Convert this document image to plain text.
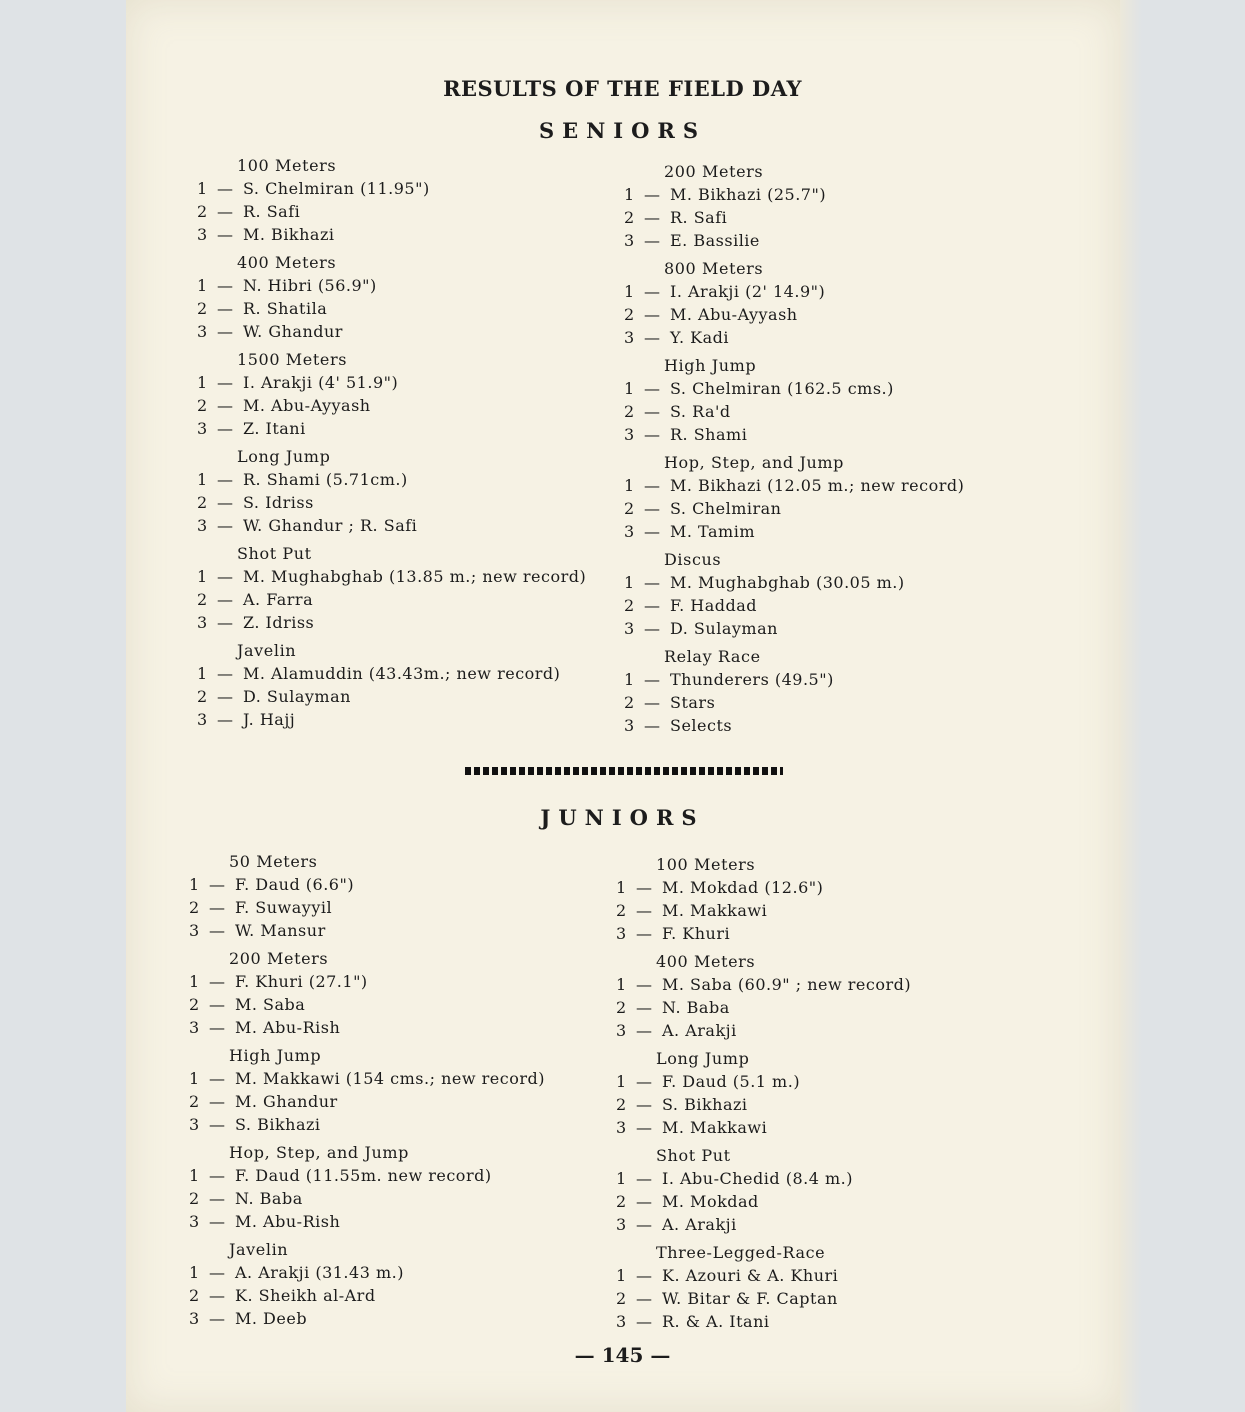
RESULTS OF THE FIELD DAY
SENIORS
100 Meters
1 — S. Chelmiran (11.95")
2 — R. Safi
3 — M. Bikhazi
400 Meters
1 — N. Hibri (56.9")
2 — R. Shatila
3 — W. Ghandur
1500 Meters
1 — I. Arakji (4' 51.9")
2 — M. Abu-Ayyash
3 — Z. Itani
Long Jump
1 — R. Shami (5.71cm.)
2 — S. Idriss
3 — W. Ghandur ; R. Safi
Shot Put
1 — M. Mughabghab (13.85 m.; new record)
2 — A. Farra
3 — Z. Idriss
Javelin
1 — M. Alamuddin (43.43m.; new record)
2 — D. Sulayman
3 — J. Hajj
200 Meters
1 — M. Bikhazi (25.7")
2 — R. Safi
3 — E. Bassilie
800 Meters
1 — I. Arakji (2' 14.9")
2 — M. Abu-Ayyash
3 — Y. Kadi
High Jump
1 — S. Chelmiran (162.5 cms.)
2 — S. Ra'd
3 — R. Shami
Hop, Step, and Jump
1 — M. Bikhazi (12.05 m.; new record)
2 — S. Chelmiran
3 — M. Tamim
Discus
1 — M. Mughabghab (30.05 m.)
2 — F. Haddad
3 — D. Sulayman
Relay Race
1 — Thunderers (49.5")
2 — Stars
3 — Selects
JUNIORS
50 Meters
1 — F. Daud (6.6")
2 — F. Suwayyil
3 — W. Mansur
200 Meters
1 — F. Khuri (27.1")
2 — M. Saba
3 — M. Abu-Rish
High Jump
1 — M. Makkawi (154 cms.; new record)
2 — M. Ghandur
3 — S. Bikhazi
Hop, Step, and Jump
1 — F. Daud (11.55m. new record)
2 — N. Baba
3 — M. Abu-Rish
Javelin
1 — A. Arakji (31.43 m.)
2 — K. Sheikh al-Ard
3 — M. Deeb
100 Meters
1 — M. Mokdad (12.6")
2 — M. Makkawi
3 — F. Khuri
400 Meters
1 — M. Saba (60.9" ; new record)
2 — N. Baba
3 — A. Arakji
Long Jump
1 — F. Daud (5.1 m.)
2 — S. Bikhazi
3 — M. Makkawi
Shot Put
1 — I. Abu-Chedid (8.4 m.)
2 — M. Mokdad
3 — A. Arakji
Three-Legged-Race
1 — K. Azouri & A. Khuri
2 — W. Bitar & F. Captan
3 — R. & A. Itani
— 145 —
